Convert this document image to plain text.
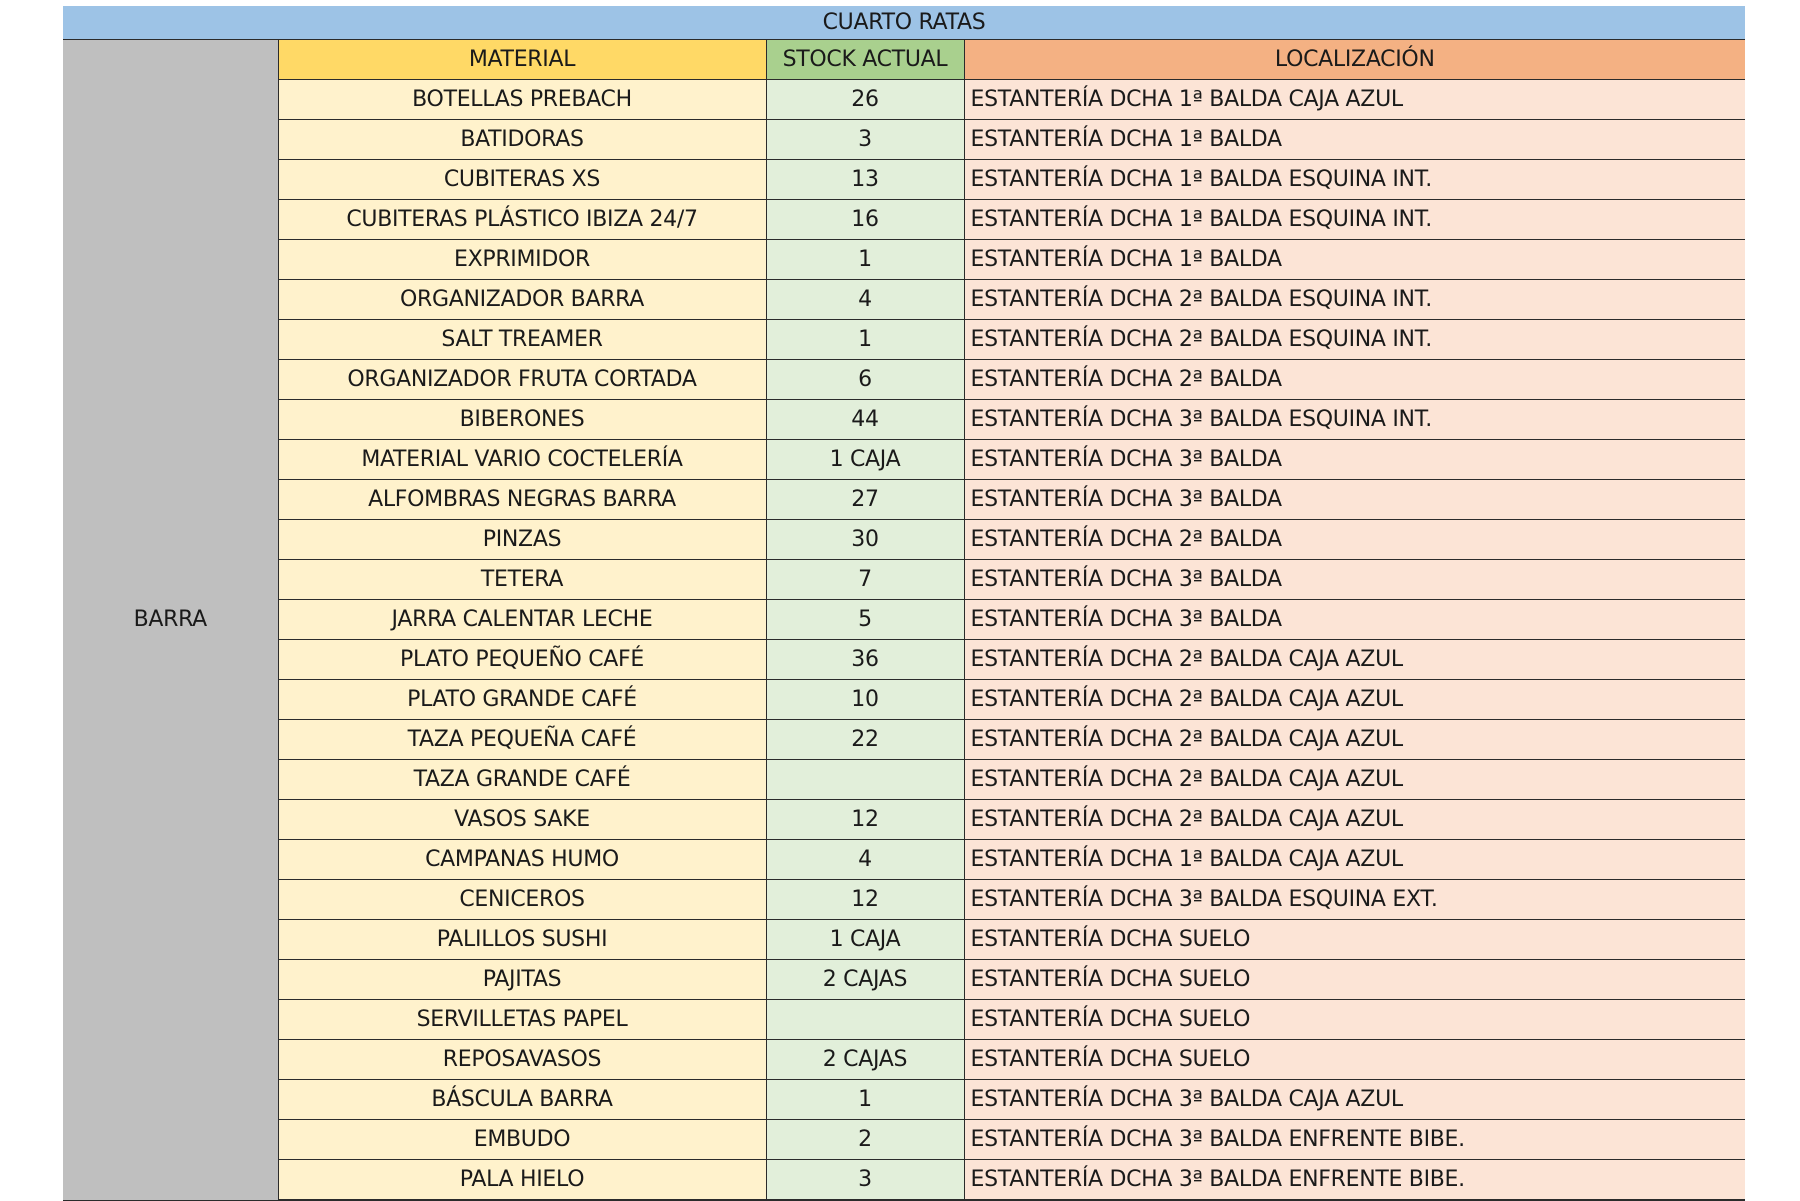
CUARTO RATAS			
BARRA	MATERIAL	STOCK ACTUAL	LOCALIZACIÓN
	BOTELLAS PREBACH	26	ESTANTERÍA DCHA 1ª BALDA CAJA AZUL
	BATIDORAS	3	ESTANTERÍA DCHA 1ª BALDA
	CUBITERAS XS	13	ESTANTERÍA DCHA 1ª BALDA ESQUINA INT.
	CUBITERAS PLÁSTICO IBIZA 24/7	16	ESTANTERÍA DCHA 1ª BALDA ESQUINA INT.
	EXPRIMIDOR	1	ESTANTERÍA DCHA 1ª BALDA
	ORGANIZADOR BARRA	4	ESTANTERÍA DCHA 2ª BALDA ESQUINA INT.
	SALT TREAMER	1	ESTANTERÍA DCHA 2ª BALDA ESQUINA INT.
	ORGANIZADOR FRUTA CORTADA	6	ESTANTERÍA DCHA 2ª BALDA
	BIBERONES	44	ESTANTERÍA DCHA 3ª BALDA ESQUINA INT.
	MATERIAL VARIO COCTELERÍA	1 CAJA	ESTANTERÍA DCHA 3ª BALDA
	ALFOMBRAS NEGRAS BARRA	27	ESTANTERÍA DCHA 3ª BALDA
	PINZAS	30	ESTANTERÍA DCHA 2ª BALDA
	TETERA	7	ESTANTERÍA DCHA 3ª BALDA
	JARRA CALENTAR LECHE	5	ESTANTERÍA DCHA 3ª BALDA
	PLATO PEQUEÑO CAFÉ	36	ESTANTERÍA DCHA 2ª BALDA CAJA AZUL
	PLATO GRANDE CAFÉ	10	ESTANTERÍA DCHA 2ª BALDA CAJA AZUL
	TAZA PEQUEÑA CAFÉ	22	ESTANTERÍA DCHA 2ª BALDA CAJA AZUL
	TAZA GRANDE CAFÉ		ESTANTERÍA DCHA 2ª BALDA CAJA AZUL
	VASOS SAKE	12	ESTANTERÍA DCHA 2ª BALDA CAJA AZUL
	CAMPANAS HUMO	4	ESTANTERÍA DCHA 1ª BALDA CAJA AZUL
	CENICEROS	12	ESTANTERÍA DCHA 3ª BALDA ESQUINA EXT.
	PALILLOS SUSHI	1 CAJA	ESTANTERÍA DCHA SUELO
	PAJITAS	2 CAJAS	ESTANTERÍA DCHA SUELO
	SERVILLETAS PAPEL		ESTANTERÍA DCHA SUELO
	REPOSAVASOS	2 CAJAS	ESTANTERÍA DCHA SUELO
	BÁSCULA BARRA	1	ESTANTERÍA DCHA 3ª BALDA CAJA AZUL
	EMBUDO	2	ESTANTERÍA DCHA 3ª BALDA ENFRENTE BIBE.
	PALA HIELO	3	ESTANTERÍA DCHA 3ª BALDA ENFRENTE BIBE.
